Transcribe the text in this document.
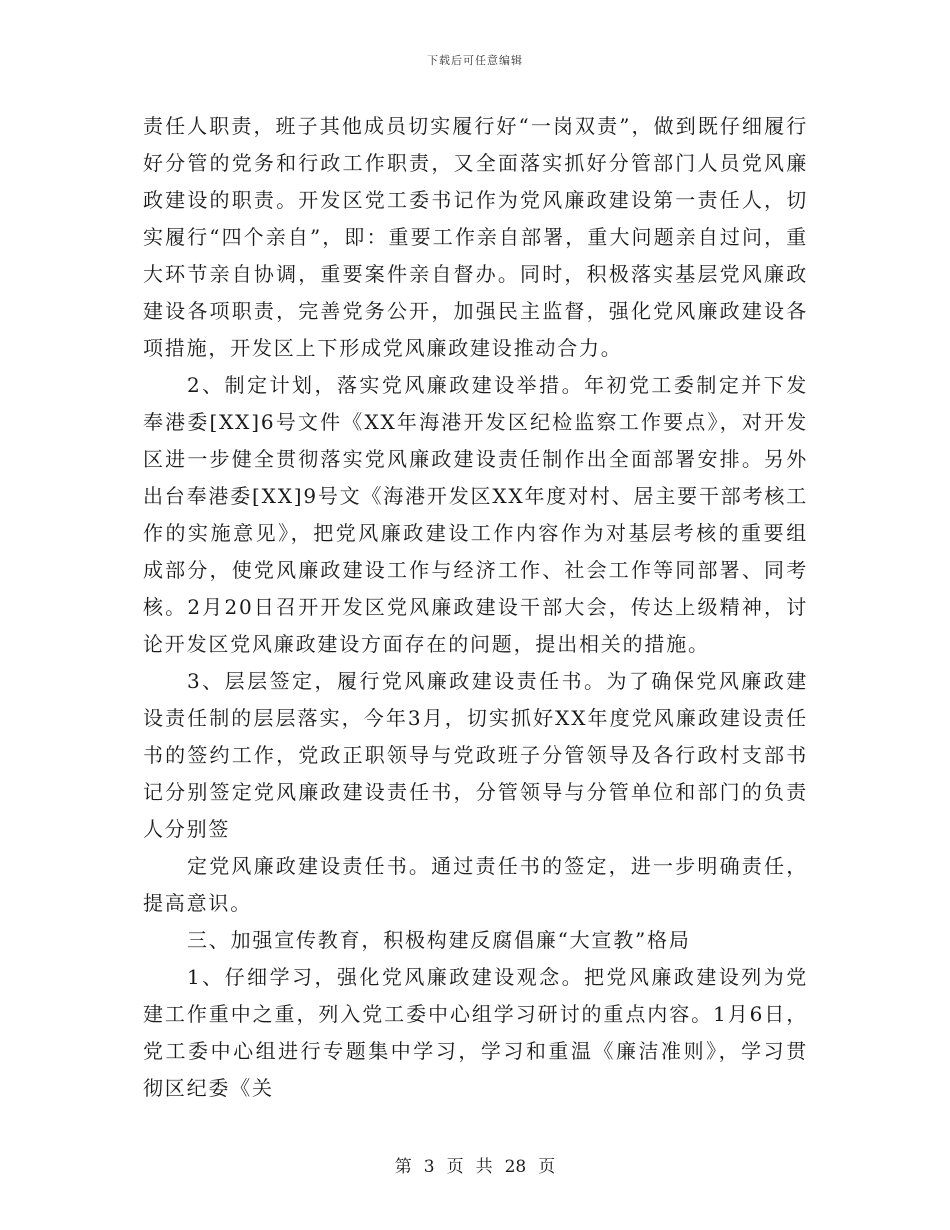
下载后可任意编辑

责任人职责，班子其他成员切实履行好“一岗双责”，做到既仔细履行好分管的党务和行政工作职责，又全面落实抓好分管部门人员党风廉政建设的职责。开发区党工委书记作为党风廉政建设第一责任人，切实履行“四个亲自”，即：重要工作亲自部署，重大问题亲自过问，重大环节亲自协调，重要案件亲自督办。同时，积极落实基层党风廉政建设各项职责，完善党务公开，加强民主监督，强化党风廉政建设各项措施，开发区上下形成党风廉政建设推动合力。

2、制定计划，落实党风廉政建设举措。年初党工委制定并下发奉港委[XX]6号文件《XX年海港开发区纪检监察工作要点》，对开发区进一步健全贯彻落实党风廉政建设责任制作出全面部署安排。另外出台奉港委[XX]9号文《海港开发区XX年度对村、居主要干部考核工作的实施意见》，把党风廉政建设工作内容作为对基层考核的重要组成部分，使党风廉政建设工作与经济工作、社会工作等同部署、同考核。2月20日召开开发区党风廉政建设干部大会，传达上级精神，讨论开发区党风廉政建设方面存在的问题，提出相关的措施。

3、层层签定，履行党风廉政建设责任书。为了确保党风廉政建设责任制的层层落实，今年3月，切实抓好XX年度党风廉政建设责任书的签约工作，党政正职领导与党政班子分管领导及各行政村支部书记分别签定党风廉政建设责任书，分管领导与分管单位和部门的负责人分别签

定党风廉政建设责任书。通过责任书的签定，进一步明确责任，提高意识。

三、加强宣传教育，积极构建反腐倡廉“大宣教”格局

1、仔细学习，强化党风廉政建设观念。把党风廉政建设列为党建工作重中之重，列入党工委中心组学习研讨的重点内容。1月6日，党工委中心组进行专题集中学习，学习和重温《廉洁准则》，学习贯彻区纪委《关

第 3 页 共 28 页
